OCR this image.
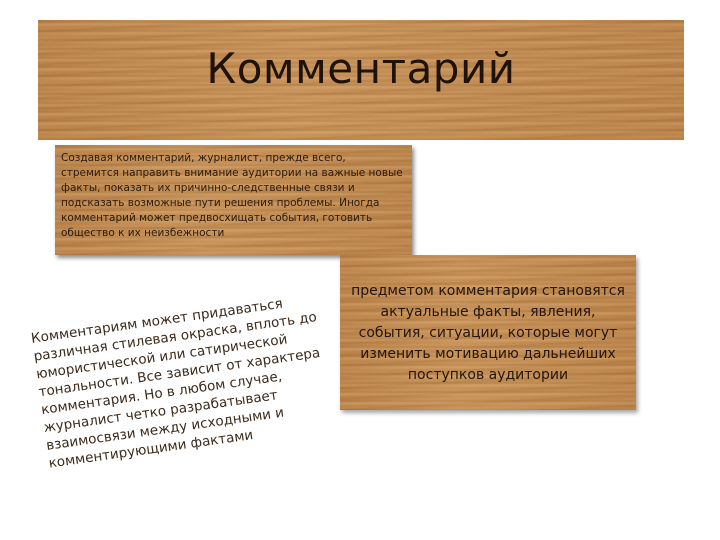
Комментарий

Создавая комментарий, журналист, прежде всего, стремится направить внимание аудитории на важные новые факты, показать их причинно-следственные связи и подсказать возможные пути решения проблемы. Иногда комментарий может предвосхищать события, готовить общество к их неизбежности

предметом комментария становятся актуальные факты, явления, события, ситуации, которые могут изменить мотивацию дальнейших поступков аудитории

Комментариям может придаваться различная стилевая окраска, вплоть до юмористической или сатирической тональности. Все зависит от характера комментария. Но в любом случае, журналист четко разрабатывает взаимосвязи между исходными и комментирующими фактами
